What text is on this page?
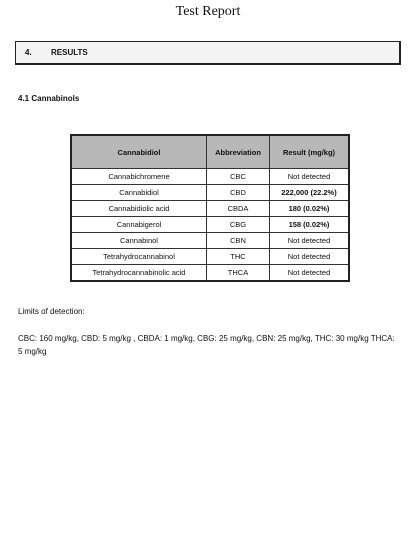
Test Report
4.	RESULTS
4.1 Cannabinols
Cannabidiol	Abbreviation	Result (mg/kg)
Cannabichromene	CBC	Not detected
Cannabidiol	CBD	222,000 (22.2%)
Cannabidiolic acid	CBDA	180 (0.02%)
Cannabigerol	CBG	158 (0.02%)
Cannabinol	CBN	Not detected
Tetrahydrocannabinol	THC	Not detected
Tetrahydrocannabinolic acid	THCA	Not detected
Limits of detection:
CBC: 160 mg/kg, CBD: 5 mg/kg , CBDA: 1 mg/kg, CBG: 25 mg/kg, CBN: 25 mg/kg, THC: 30 mg/kg THCA: 5 mg/kg
